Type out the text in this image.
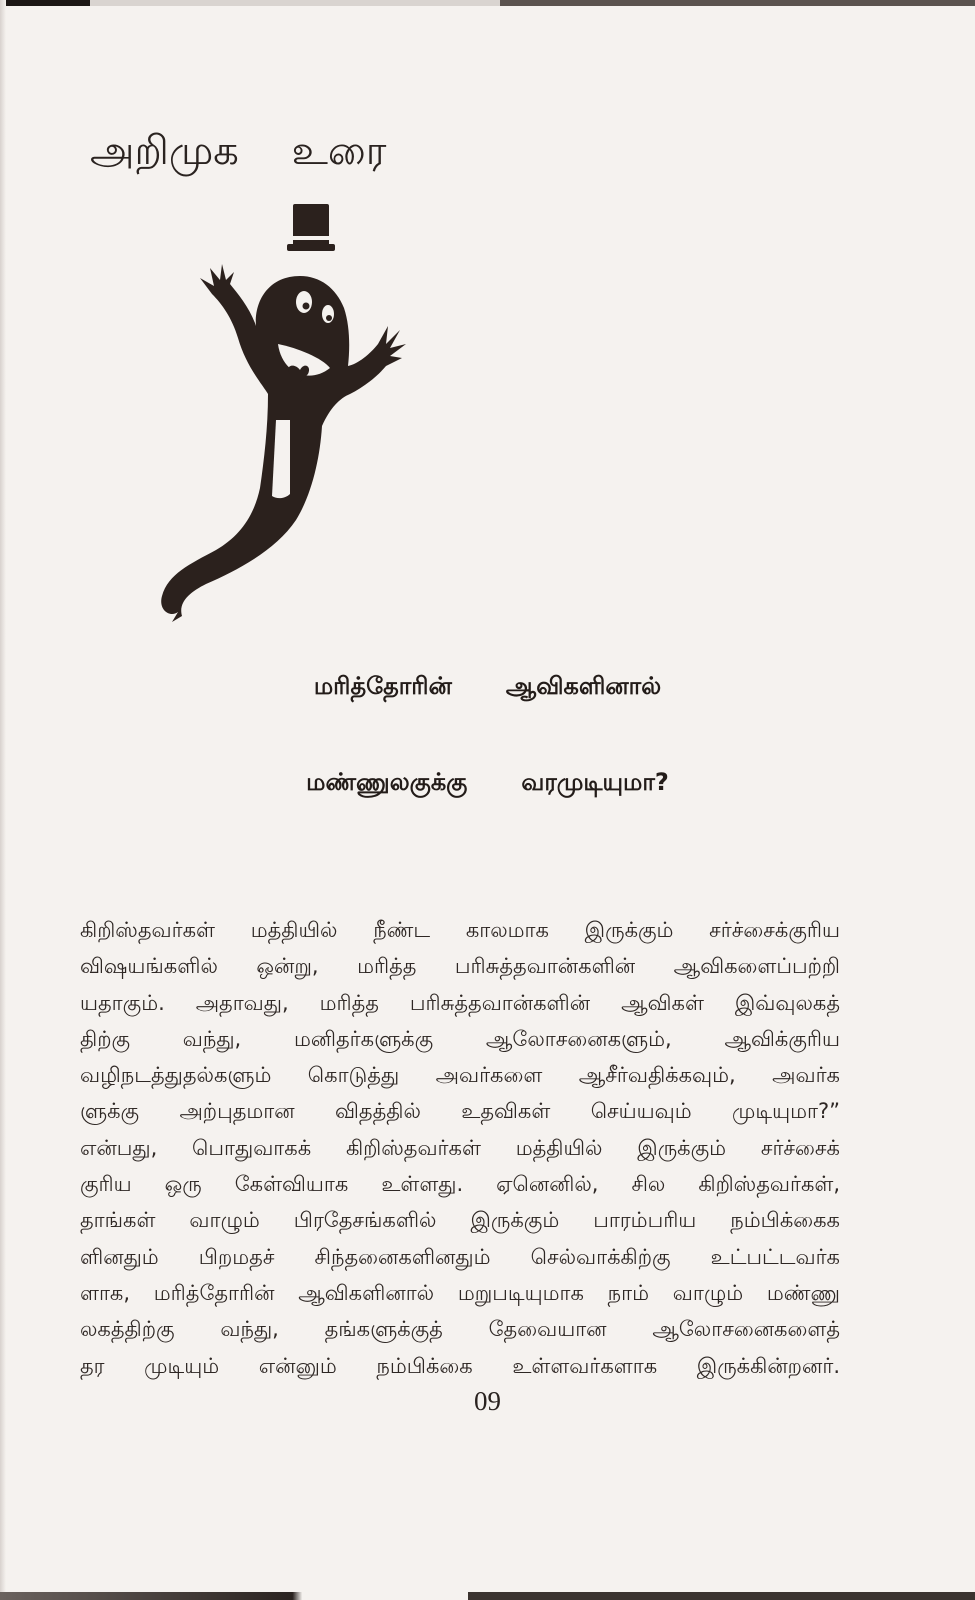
அறிமுக உரை
மரித்தோரின் ஆவிகளினால்
மண்ணுலகுக்கு வரமுடியுமா?
கிறிஸ்தவர்கள் மத்தியில் நீண்ட காலமாக இருக்கும் சர்ச்சைக்குரிய
விஷயங்களில் ஒன்று, மரித்த பரிசுத்தவான்களின் ஆவிகளைப்பற்றி
யதாகும். அதாவது, மரித்த பரிசுத்தவான்களின் ஆவிகள் இவ்வுலகத்
திற்கு வந்து, மனிதர்களுக்கு ஆலோசனைகளும், ஆவிக்குரிய
வழிநடத்துதல்களும் கொடுத்து அவர்களை ஆசீர்வதிக்கவும், அவர்க
ளுக்கு அற்புதமான விதத்தில் உதவிகள் செய்யவும் முடியுமா?”
என்பது, பொதுவாகக் கிறிஸ்தவர்கள் மத்தியில் இருக்கும் சர்ச்சைக்
குரிய ஒரு கேள்வியாக உள்ளது. ஏனெனில், சில கிறிஸ்தவர்கள்,
தாங்கள் வாழும் பிரதேசங்களில் இருக்கும் பாரம்பரிய நம்பிக்கைக
ளினதும் பிறமதச் சிந்தனைகளினதும் செல்வாக்கிற்கு உட்பட்டவர்க
ளாக, மரித்தோரின் ஆவிகளினால் மறுபடியுமாக நாம் வாழும் மண்ணு
லகத்திற்கு வந்து, தங்களுக்குத் தேவையான ஆலோசனைகளைத்
தர முடியும் என்னும் நம்பிக்கை உள்ளவர்களாக இருக்கின்றனர்.
09
